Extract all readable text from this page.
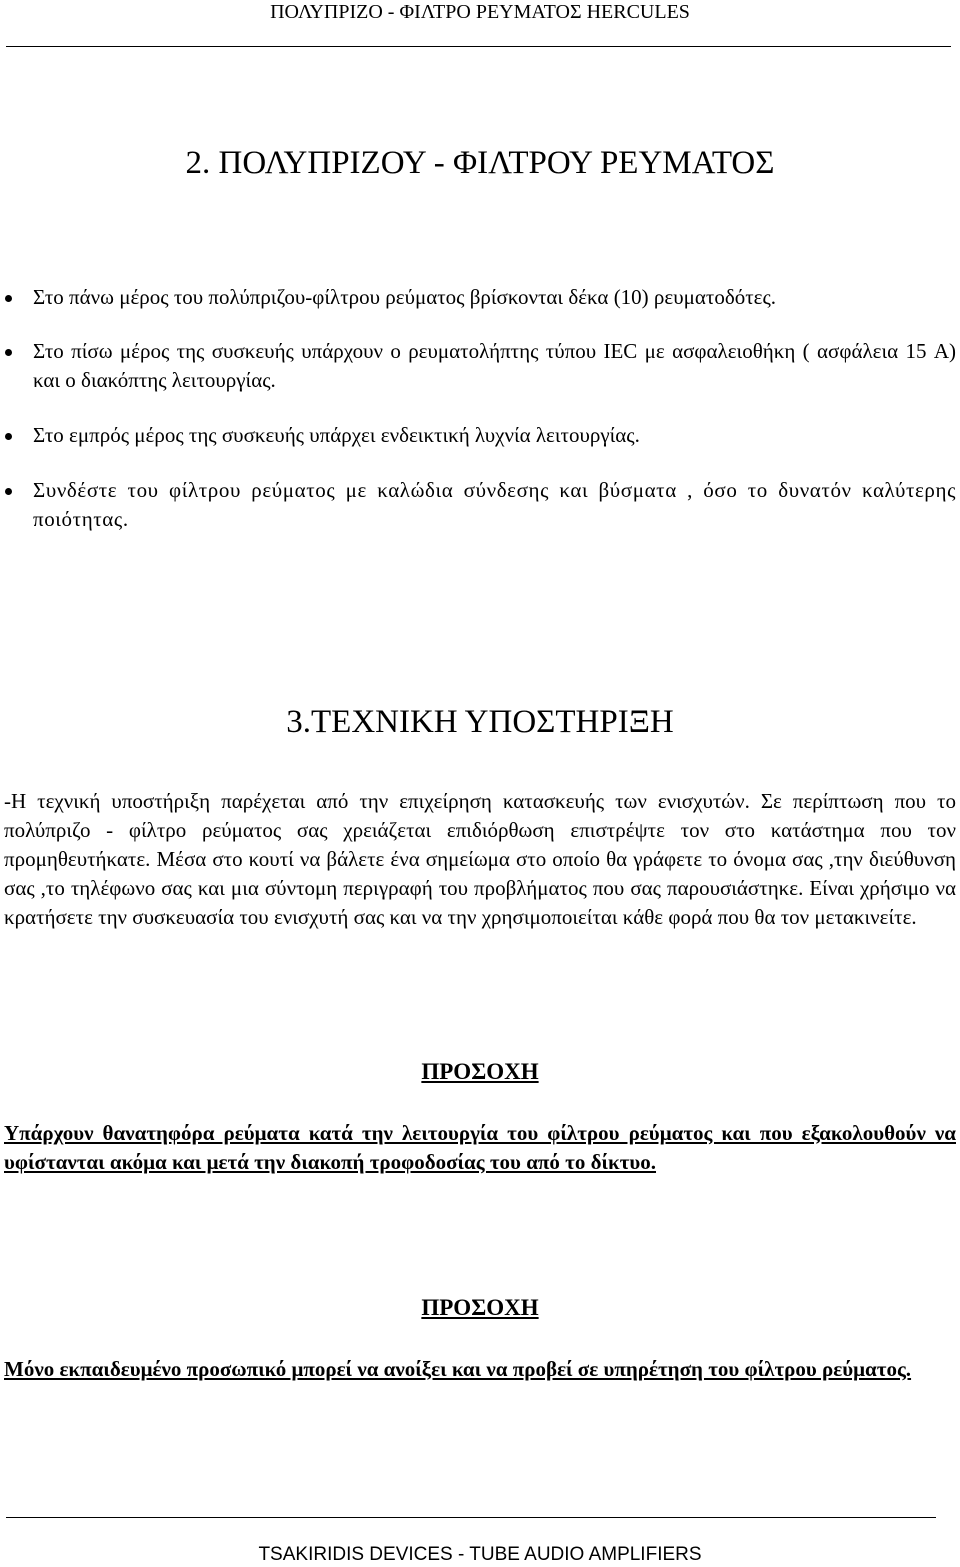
ΠΟΛΥΠΡΙΖΟ - ΦΙΛΤΡΟ ΡΕΥΜΑΤΟΣ HERCULES
2. ΠΟΛΥΠΡΙΖΟΥ - ΦΙΛΤΡΟΥ ΡΕΥΜΑΤΟΣ
Στο πάνω μέρος του πολύπριζου-φίλτρου ρεύματος βρίσκονται δέκα (10) ρευματοδότες.
Στο πίσω μέρος της συσκευής υπάρχουν ο ρευματολήπτης τύπου IEC με ασφαλειοθήκη ( ασφάλεια 15 A) και ο διακόπτης λειτουργίας.
Στο εμπρός μέρος της συσκευής υπάρχει ενδεικτική λυχνία λειτουργίας.
Συνδέστε του φίλτρου ρεύματος με καλώδια σύνδεσης και βύσματα , όσο το δυνατόν καλύτερης ποιότητας.
3.ΤΕΧΝΙΚΗ ΥΠΟΣΤΗΡΙΞΗ
-Η τεχνική υποστήριξη παρέχεται από την επιχείρηση κατασκευής των ενισχυτών. Σε περίπτωση που το πολύπριζο - φίλτρο ρεύματος σας χρειάζεται επιδιόρθωση επιστρέψτε τον στο κατάστημα που τον προμηθευτήκατε. Μέσα στο κουτί να βάλετε ένα σημείωμα στο οποίο θα γράφετε το όνομα σας ,την διεύθυνση σας ,το τηλέφωνο σας και μια σύντομη περιγραφή του προβλήματος που σας παρουσιάστηκε. Είναι χρήσιμο να κρατήσετε την συσκευασία του ενισχυτή σας και να την χρησιμοποιείται κάθε φορά που θα τον μετακινείτε.
ΠΡΟΣΟΧΗ
Υπάρχουν θανατηφόρα ρεύματα κατά την λειτουργία του φίλτρου ρεύματος και που εξακολουθούν να υφίστανται ακόμα και μετά την διακοπή τροφοδοσίας του από το δίκτυο.
ΠΡΟΣΟΧΗ
Μόνο εκπαιδευμένο προσωπικό μπορεί να ανοίξει και να προβεί σε υπηρέτηση του φίλτρου ρεύματος.
TSAKIRIDIS DEVICES - TUBE AUDIO AMPLIFIERS
